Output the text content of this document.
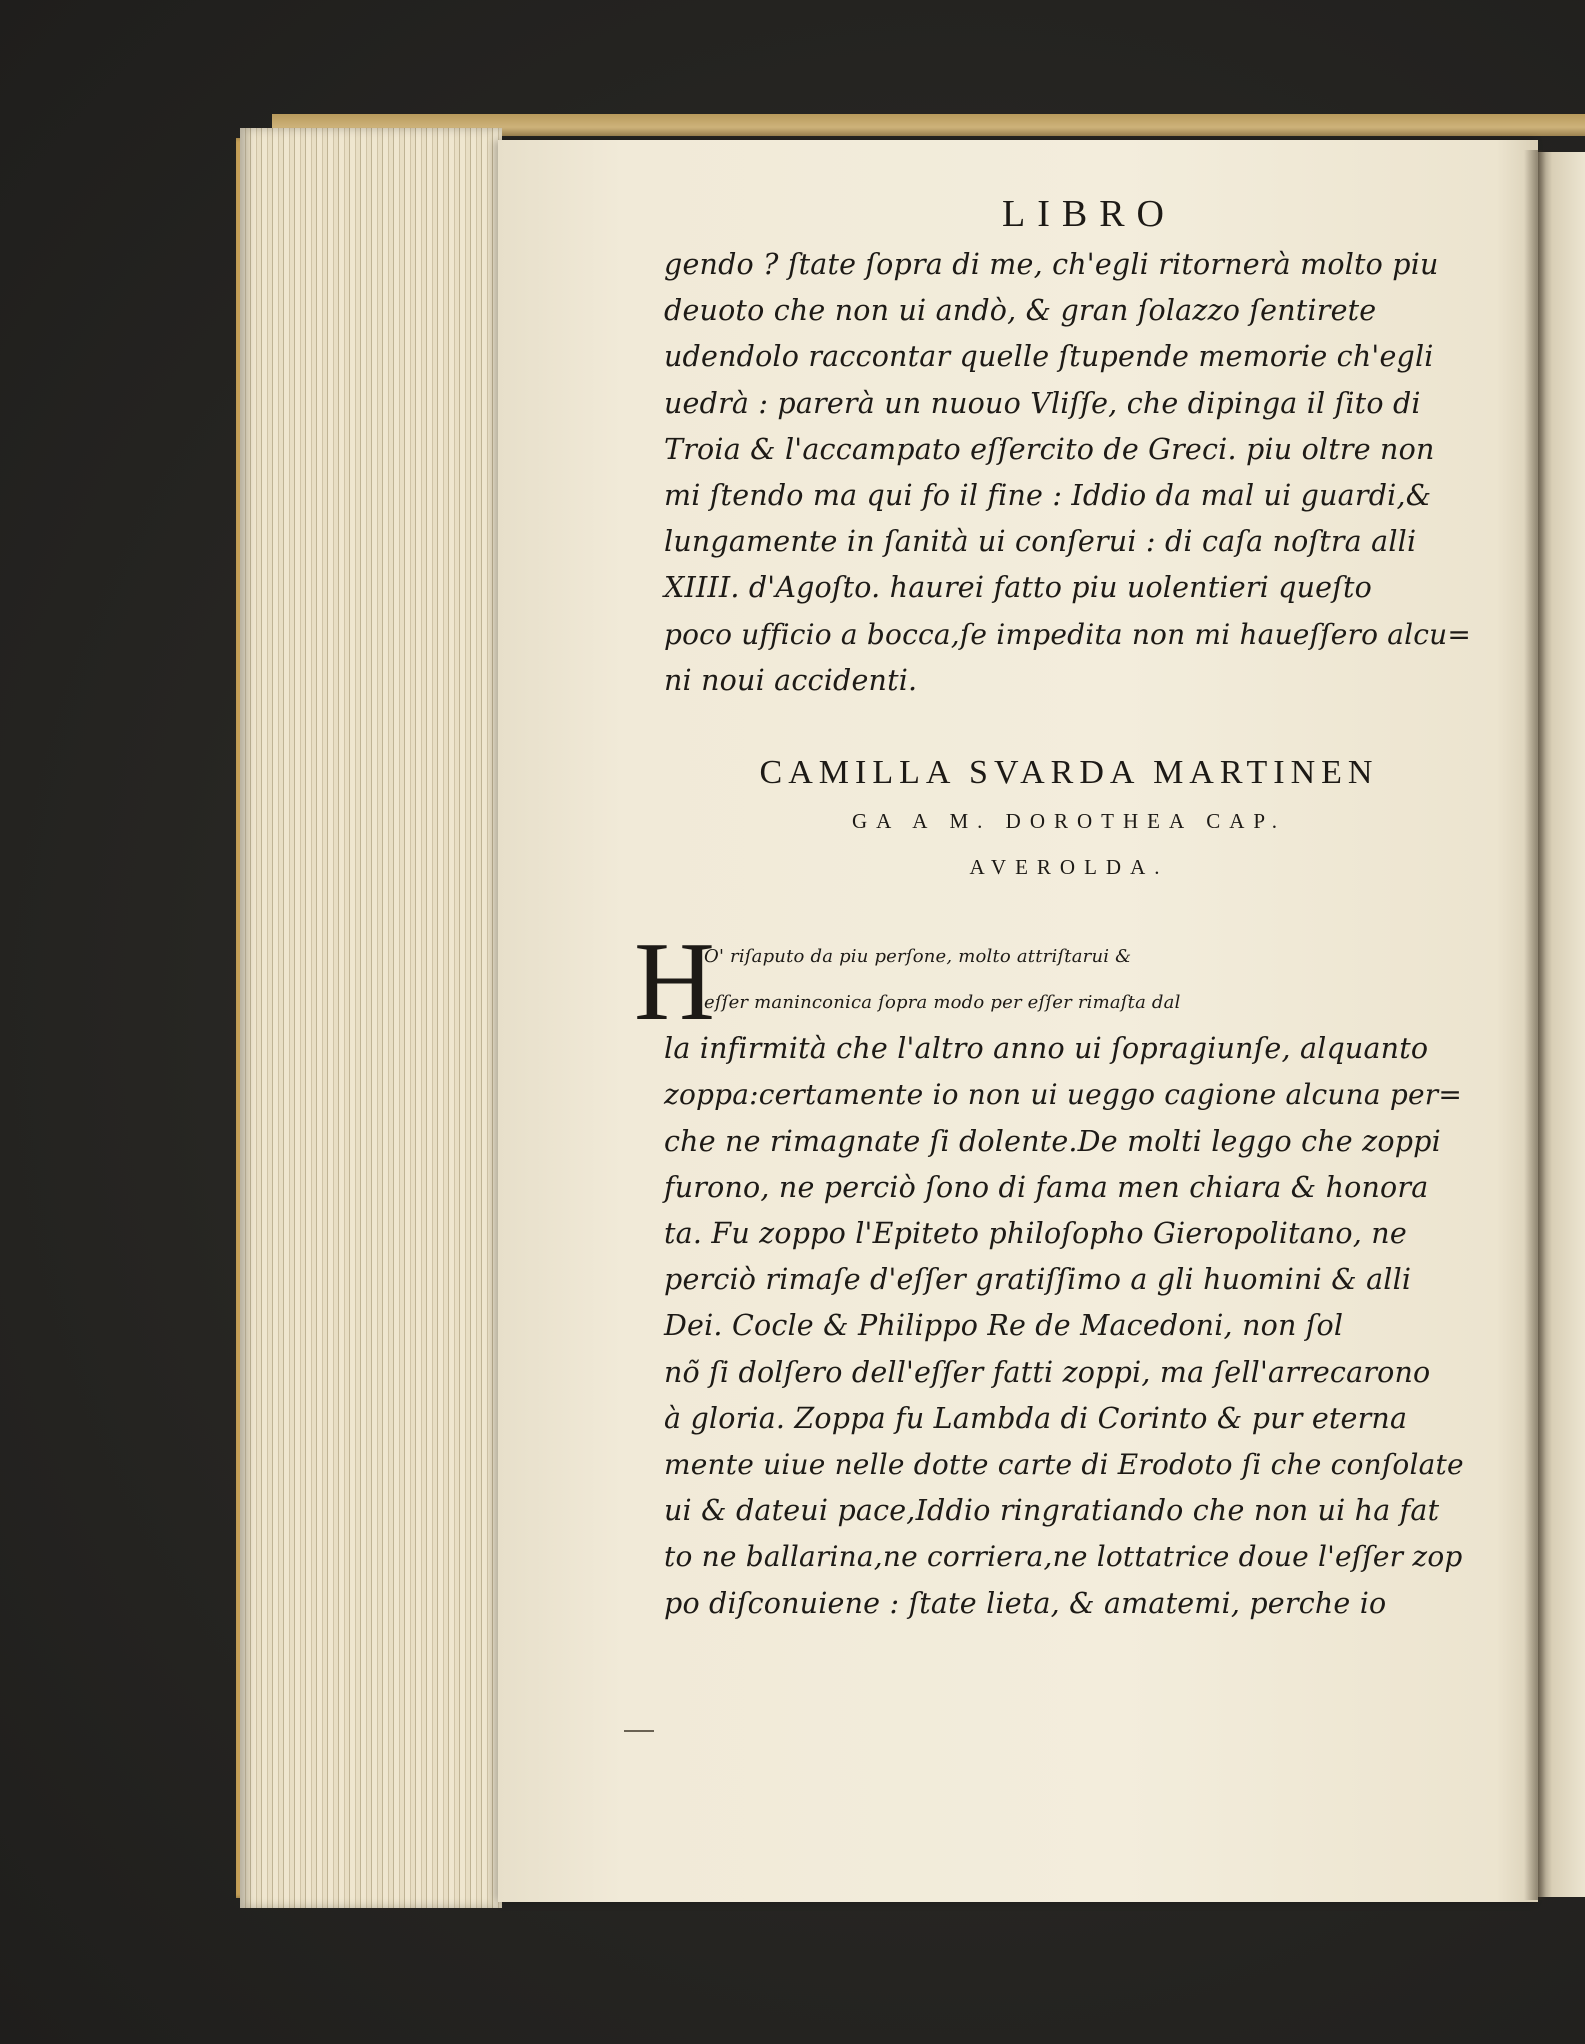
LIBRO
gendo ? ſtate ſopra di me, ch'egli ritornerà molto piu
deuoto che non ui andò, & gran ſolazzo ſentirete
udendolo raccontar quelle ſtupende memorie ch'egli
uedrà : parerà un nuouo Vliſſe, che dipinga il ſito di
Troia & l'accampato eſſercito de Greci. piu oltre non
mi ſtendo ma qui fo il fine : Iddio da mal ui guardi,&
lungamente in ſanità ui conſerui : di caſa noſtra alli
XIIII. d'Agoſto. haurei fatto piu uolentieri queſto
poco ufficio a bocca,ſe impedita non mi haueſſero alcu=
ni noui accidenti.
CAMILLA SVARDA MARTINEN
GA A M. DOROTHEA CAP.
AVEROLDA.
H
O' riſaputo da piu perſone, molto attriſtarui &
eſſer maninconica ſopra modo per eſſer rimaſta dal
la infirmità che l'altro anno ui ſopragiunſe, alquanto
zoppa:certamente io non ui ueggo cagione alcuna per=
che ne rimagnate ſi dolente.De molti leggo che zoppi
furono, ne perciò ſono di fama men chiara & honora
ta. Fu zoppo l'Epiteto philoſopho Gieropolitano, ne
perciò rimaſe d'eſſer gratiſſimo a gli huomini & alli
Dei. Cocle & Philippo Re de Macedoni, non ſol
nõ ſi dolſero dell'eſſer fatti zoppi, ma ſell'arrecarono
à gloria. Zoppa fu Lambda di Corinto & pur eterna
mente uiue nelle dotte carte di Erodoto ſi che conſolate
ui & dateui pace,Iddio ringratiando che non ui ha fat
to ne ballarina,ne corriera,ne lottatrice doue l'eſſer zop
po diſconuiene : ſtate lieta, & amatemi, perche io
